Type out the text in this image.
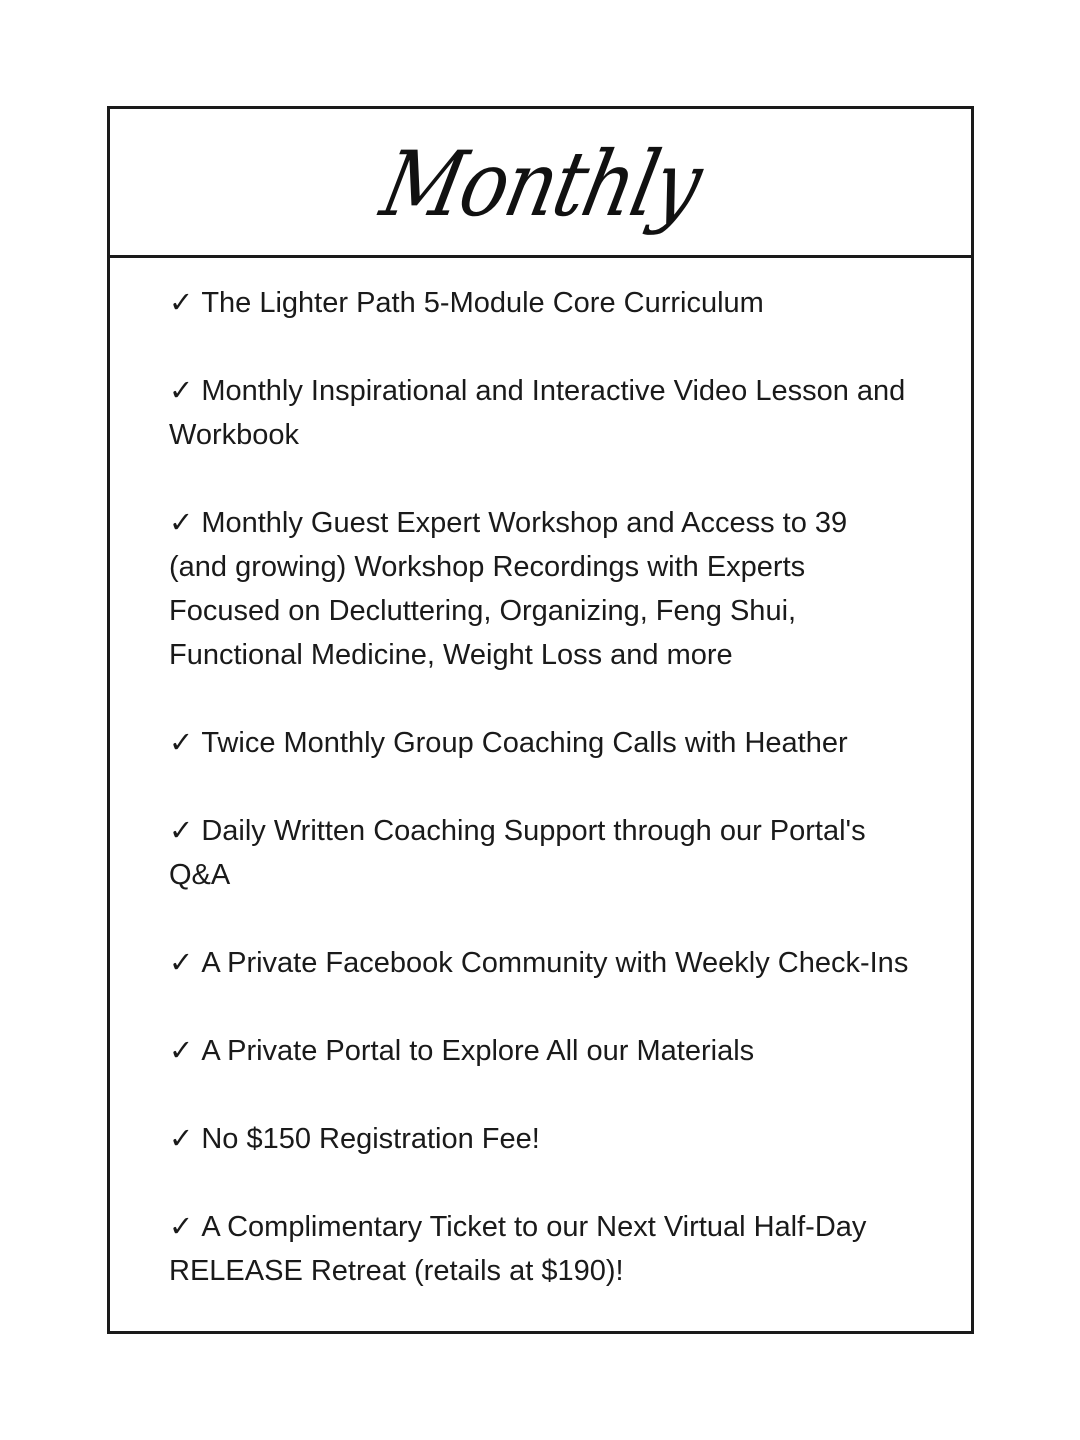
Monthly
✓ The Lighter Path 5-Module Core Curriculum
✓ Monthly Inspirational and Interactive Video Lesson and Workbook
✓ Monthly Guest Expert Workshop and Access to 39 (and growing) Workshop Recordings with Experts Focused on Decluttering, Organizing, Feng Shui, Functional Medicine, Weight Loss and more
✓ Twice Monthly Group Coaching Calls with Heather
✓ Daily Written Coaching Support through our Portal's Q&A
✓ A Private Facebook Community with Weekly Check-Ins
✓ A Private Portal to Explore All our Materials
✓ No $150 Registration Fee!
✓ A Complimentary Ticket to our Next Virtual Half-Day RELEASE Retreat (retails at $190)!
